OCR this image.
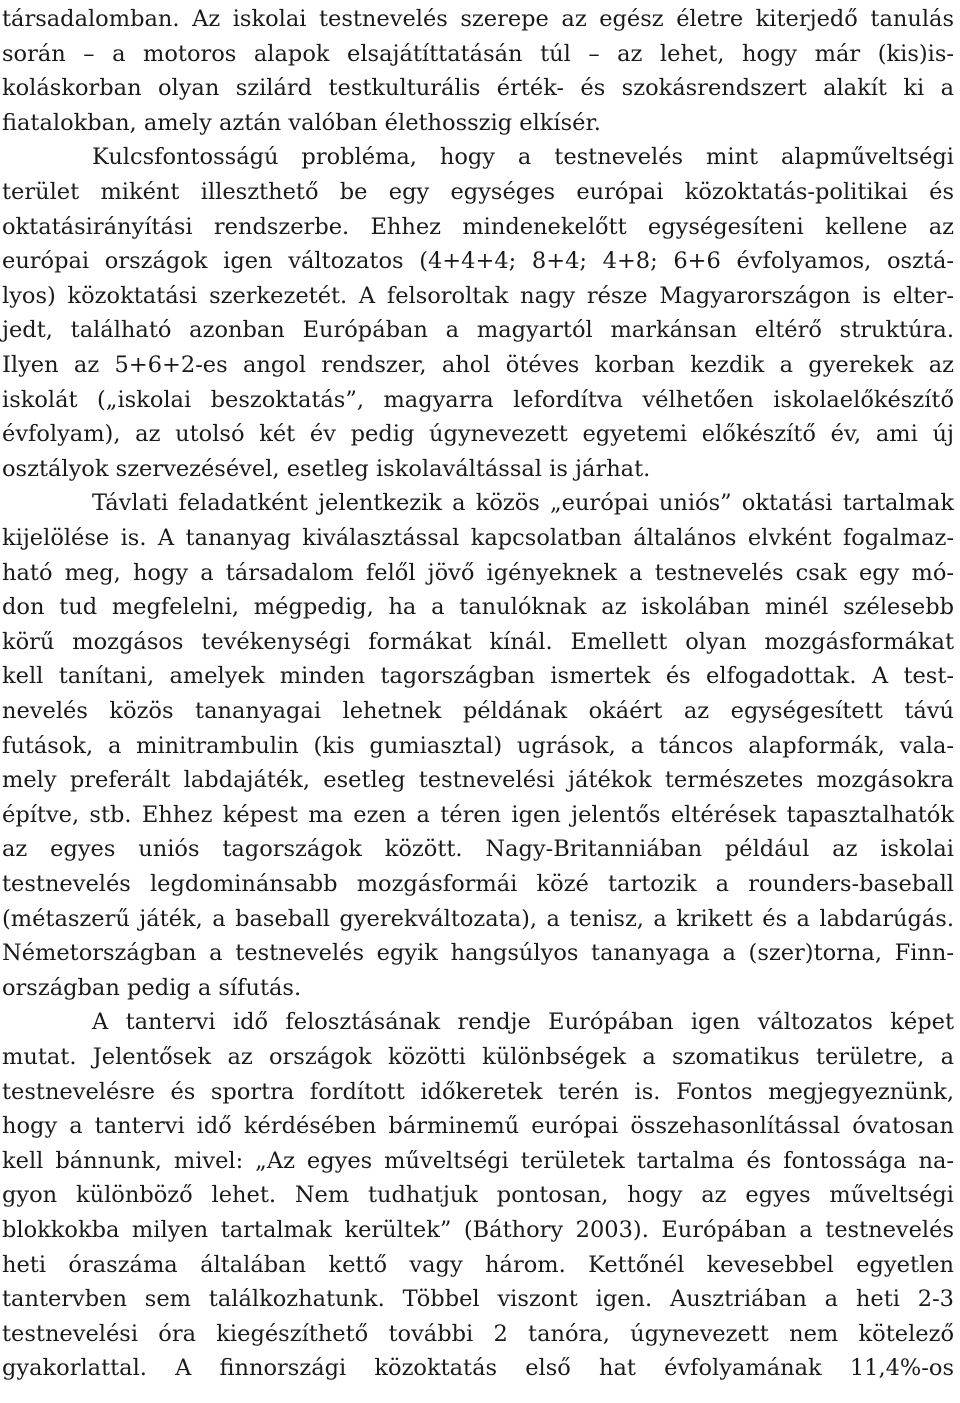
társadalomban. Az iskolai testnevelés szerepe az egész életre kiterjedő tanulás
során – a motoros alapok elsajátíttatásán túl – az lehet, hogy már (kis)is-
koláskorban olyan szilárd testkulturális érték- és szokásrendszert alakít ki a
fiatalokban, amely aztán valóban élethosszig elkísér.
Kulcsfontosságú probléma, hogy a testnevelés mint alapműveltségi
terület miként illeszthető be egy egységes európai közoktatás-politikai és
oktatásirányítási rendszerbe. Ehhez mindenekelőtt egységesíteni kellene az
európai országok igen változatos (4+4+4; 8+4; 4+8; 6+6 évfolyamos, osztá-
lyos) közoktatási szerkezetét. A felsoroltak nagy része Magyarországon is elter-
jedt, található azonban Európában a magyartól markánsan eltérő struktúra.
Ilyen az 5+6+2-es angol rendszer, ahol ötéves korban kezdik a gyerekek az
iskolát („iskolai beszoktatás”, magyarra lefordítva vélhetően iskolaelőkészítő
évfolyam), az utolsó két év pedig úgynevezett egyetemi előkészítő év, ami új
osztályok szervezésével, esetleg iskolaváltással is járhat.
Távlati feladatként jelentkezik a közös „európai uniós” oktatási tartalmak
kijelölése is. A tananyag kiválasztással kapcsolatban általános elvként fogalmaz-
ható meg, hogy a társadalom felől jövő igényeknek a testnevelés csak egy mó-
don tud megfelelni, mégpedig, ha a tanulóknak az iskolában minél szélesebb
körű mozgásos tevékenységi formákat kínál. Emellett olyan mozgásformákat
kell tanítani, amelyek minden tagországban ismertek és elfogadottak. A test-
nevelés közös tananyagai lehetnek példának okáért az egységesített távú
futások, a minitrambulin (kis gumiasztal) ugrások, a táncos alapformák, vala-
mely preferált labdajáték, esetleg testnevelési játékok természetes mozgásokra
építve, stb. Ehhez képest ma ezen a téren igen jelentős eltérések tapasztalhatók
az egyes uniós tagországok között. Nagy-Britanniában például az iskolai
testnevelés legdominánsabb mozgásformái közé tartozik a rounders-baseball
(métaszerű játék, a baseball gyerekváltozata), a tenisz, a krikett és a labdarúgás.
Németországban a testnevelés egyik hangsúlyos tananyaga a (szer)torna, Finn-
országban pedig a sífutás.
A tantervi idő felosztásának rendje Európában igen változatos képet
mutat. Jelentősek az országok közötti különbségek a szomatikus területre, a
testnevelésre és sportra fordított időkeretek terén is. Fontos megjegyeznünk,
hogy a tantervi idő kérdésében bárminemű európai összehasonlítással óvatosan
kell bánnunk, mivel: „Az egyes műveltségi területek tartalma és fontossága na-
gyon különböző lehet. Nem tudhatjuk pontosan, hogy az egyes műveltségi
blokkokba milyen tartalmak kerültek” (Báthory 2003). Európában a testnevelés
heti óraszáma általában kettő vagy három. Kettőnél kevesebbel egyetlen
tantervben sem találkozhatunk. Többel viszont igen. Ausztriában a heti 2-3
testnevelési óra kiegészíthető további 2 tanóra, úgynevezett nem kötelező
gyakorlattal. A finnországi közoktatás első hat évfolyamának 11,4%-os
